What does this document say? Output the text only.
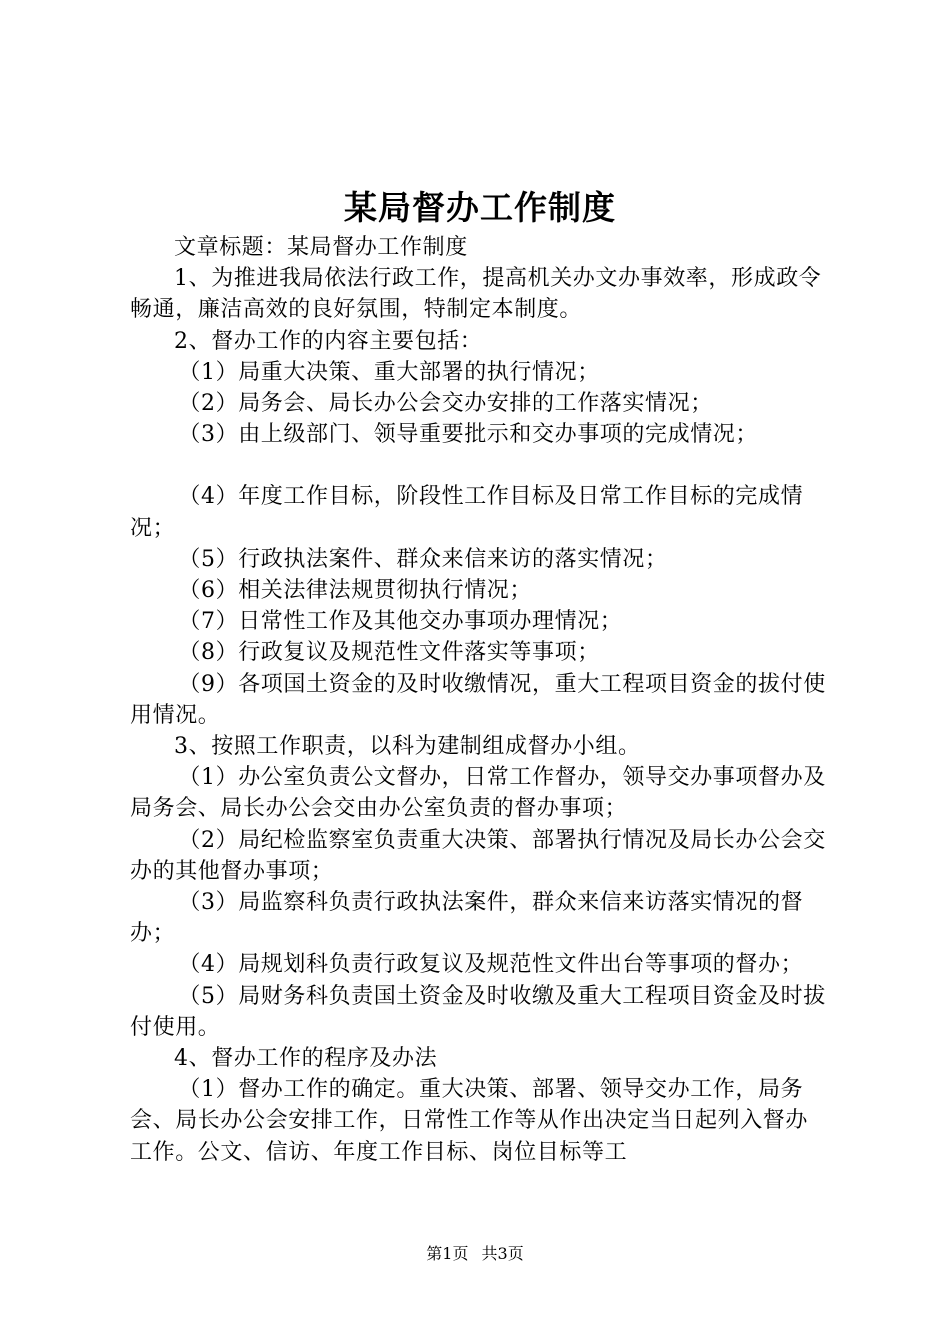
某局督办工作制度

文章标题：某局督办工作制度

1、为推进我局依法行政工作，提高机关办文办事效率，形成政令畅通，廉洁高效的良好氛围，特制定本制度。

2、督办工作的内容主要包括：

（1）局重大决策、重大部署的执行情况；

（2）局务会、局长办公会交办安排的工作落实情况；

（3）由上级部门、领导重要批示和交办事项的完成情况；

（4）年度工作目标，阶段性工作目标及日常工作目标的完成情况；

（5）行政执法案件、群众来信来访的落实情况；

（6）相关法律法规贯彻执行情况；

（7）日常性工作及其他交办事项办理情况；

（8）行政复议及规范性文件落实等事项；

（9）各项国土资金的及时收缴情况，重大工程项目资金的拔付使用情况。

3、按照工作职责，以科为建制组成督办小组。

（1）办公室负责公文督办，日常工作督办，领导交办事项督办及局务会、局长办公会交由办公室负责的督办事项；

（2）局纪检监察室负责重大决策、部署执行情况及局长办公会交办的其他督办事项；

（3）局监察科负责行政执法案件，群众来信来访落实情况的督办；

（4）局规划科负责行政复议及规范性文件出台等事项的督办；

（5）局财务科负责国土资金及时收缴及重大工程项目资金及时拔付使用。

4、督办工作的程序及办法

（1）督办工作的确定。重大决策、部署、领导交办工作，局务会、局长办公会安排工作，日常性工作等从作出决定当日起列入督办工作。公文、信访、年度工作目标、岗位目标等工

第1页 共3页
